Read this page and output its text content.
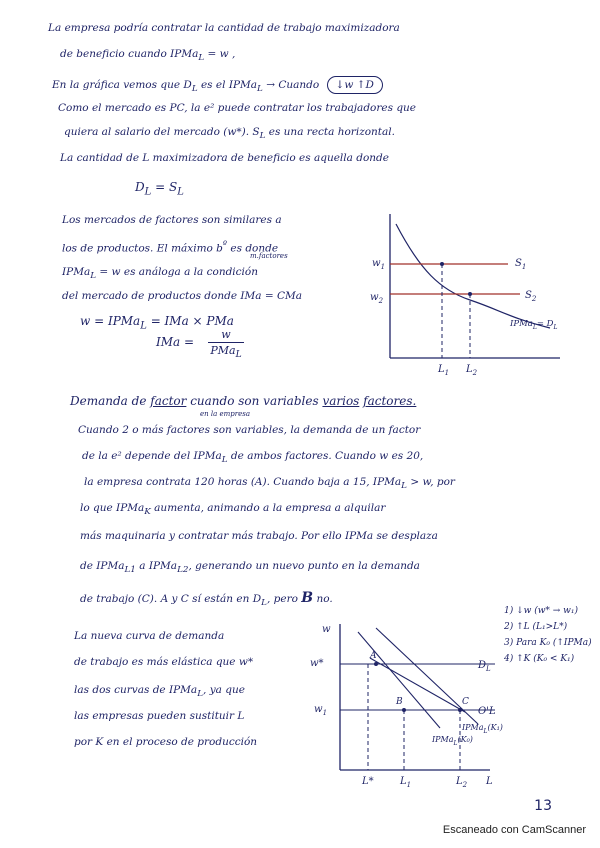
La empresa podría contratar la cantidad de trabajo maximizadora
de beneficio cuando IPMa$_L$ = w ,
En la gráfica vemos que $D_L$ es el IPMa$_L$ → Cuando ↓w ↑D
Como el mercado es PC, la e² puede contratar los trabajadores que
quiera al salario del mercado (w*). $S_L$ es una recta horizontal.
La cantidad de L maximizadora de beneficio es aquella donde
$D_L = S_L$
Los mercados de factores son similares a
los de productos. El máximo $b^º$ es donde
m.factores
IPMa$_L$ = w es análoga a la condición
del mercado de productos donde IMa = CMa
w = IPMa$_L$ = IMa × PMa
IMa =
w
PMa$_L$
$w_1$
$w_2$
$S_1$
$S_2$
IPMa$_L$= $D_L$
$L_1$ $L_2$
Demanda de factor cuando son variables varios factores.
en la empresa
Cuando 2 o más factores son variables, la demanda de un factor
de la e² depende del IPMa$_L$ de ambos factores. Cuando w es 20,
la empresa contrata 120 horas (A). Cuando baja a 15, IPMa$_L$ > w, por
lo que IPMa$_K$ aumenta, animando a la empresa a alquilar
más maquinaria y contratar más trabajo. Por ello IPMa se desplaza
de IPMa$_{L1}$ a IPMa$_{L2}$, generando un nuevo punto en la demanda
de trabajo (C). A y C sí están en $D_L$, pero B no.
La nueva curva de demanda
de trabajo es más elástica que w*
las dos curvas de IPMa$_L$, ya que
las empresas pueden sustituir L
por K en el proceso de producción
1) ↓w (w* → w₁)
2) ↑L (L₁>L*)
3) Para K₀ (↑IPMa)
4) ↑K (K₀ < K₁)
w
w*
$w_1$
A
B	C
$D_L$
O'L
IPMa$_L$(K₁)
IPMa$_L$(K₀)
L*	$L_1$	$L_2$ L
13
Escaneado con CamScanner
